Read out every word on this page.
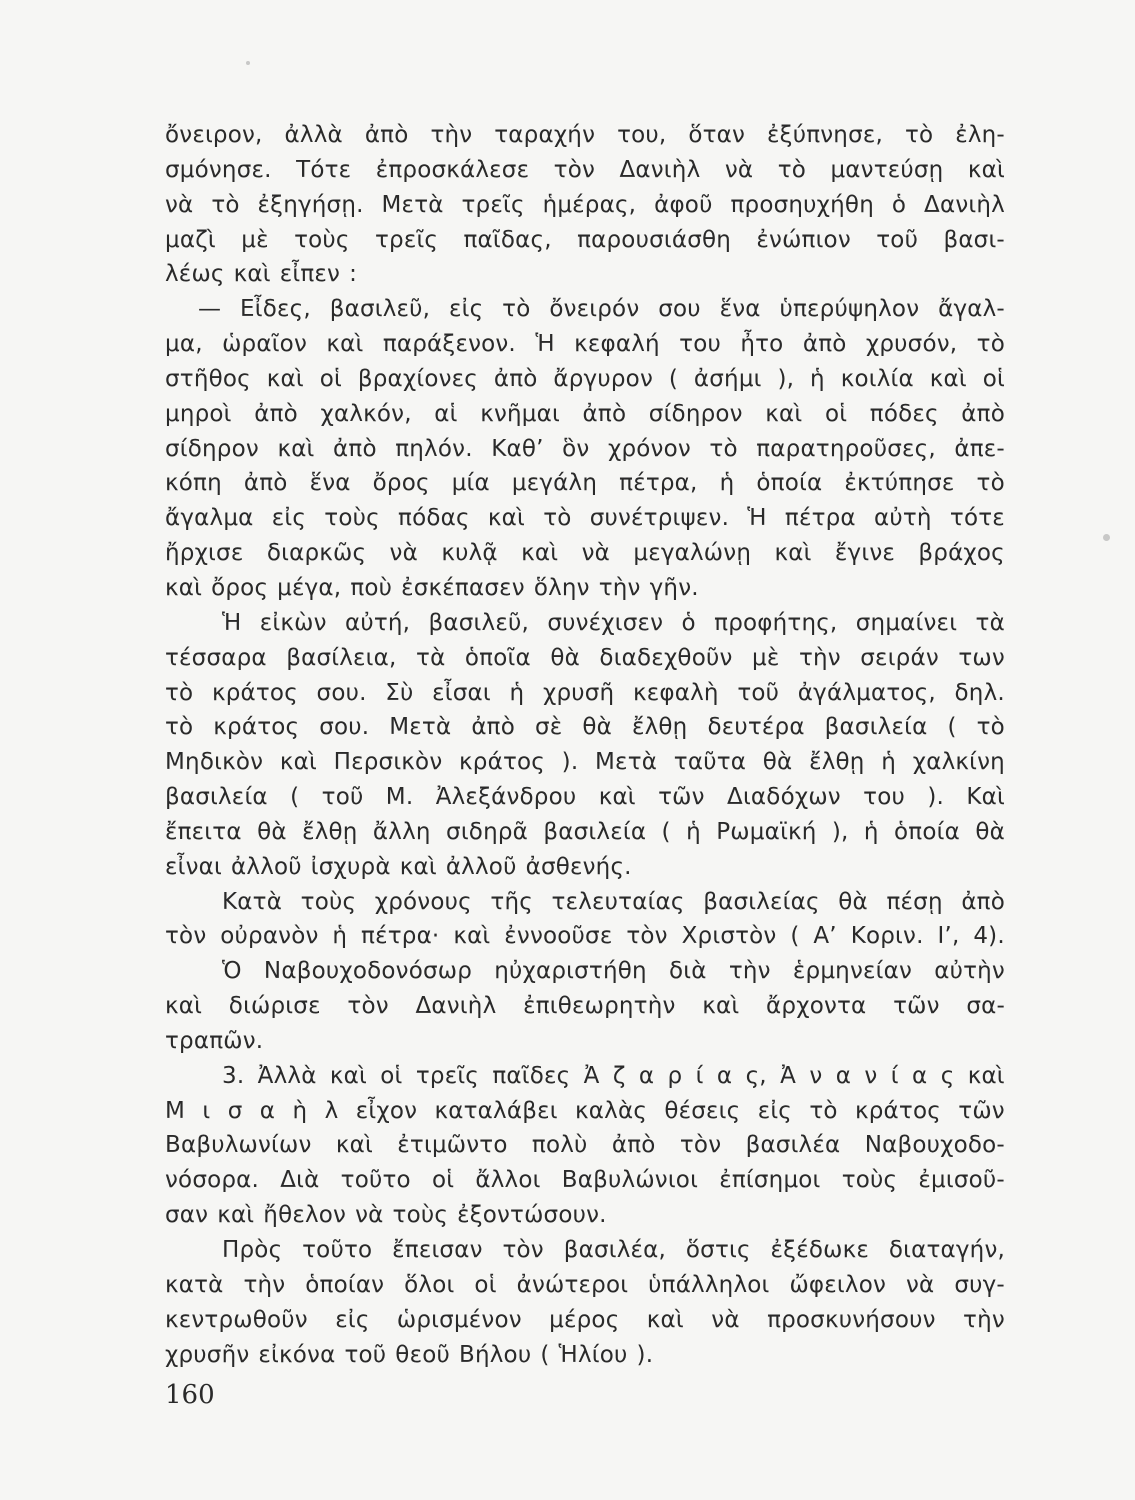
ὄνειρον, ἀλλὰ ἀπὸ τὴν ταραχήν του, ὅταν ἐξύπνησε, τὸ ἐλη-
σμόνησε. Τότε ἐπροσκάλεσε τὸν Δανιὴλ νὰ τὸ μαντεύσῃ καὶ
νὰ τὸ ἐξηγήσῃ. Μετὰ τρεῖς ἡμέρας, ἀφοῦ προσηυχήθη ὁ Δανιὴλ
μαζὶ μὲ τοὺς τρεῖς παῖδας, παρουσιάσθη ἐνώπιον τοῦ βασι-
λέως καὶ εἶπεν :
— Εἶδες, βασιλεῦ, εἰς τὸ ὄνειρόν σου ἕνα ὑπερύψηλον ἄγαλ-
μα, ὡραῖον καὶ παράξενον. Ἡ κεφαλή του ἦτο ἀπὸ χρυσόν, τὸ
στῆθος καὶ οἱ βραχίονες ἀπὸ ἄργυρον ( ἀσήμι ), ἡ κοιλία καὶ οἱ
μηροὶ ἀπὸ χαλκόν, αἱ κνῆμαι ἀπὸ σίδηρον καὶ οἱ πόδες ἀπὸ
σίδηρον καὶ ἀπὸ πηλόν. Καθ’ ὃν χρόνον τὸ παρατηροῦσες, ἀπε-
κόπη ἀπὸ ἕνα ὄρος μία μεγάλη πέτρα, ἡ ὁποία ἐκτύπησε τὸ
ἄγαλμα εἰς τοὺς πόδας καὶ τὸ συνέτριψεν. Ἡ πέτρα αὐτὴ τότε
ἤρχισε διαρκῶς νὰ κυλᾷ καὶ νὰ μεγαλώνῃ καὶ ἔγινε βράχος
καὶ ὄρος μέγα, ποὺ ἐσκέπασεν ὅλην τὴν γῆν.
Ἡ εἰκὼν αὐτή, βασιλεῦ, συνέχισεν ὁ προφήτης, σημαίνει τὰ
τέσσαρα βασίλεια, τὰ ὁποῖα θὰ διαδεχθοῦν μὲ τὴν σειράν των
τὸ κράτος σου. Σὺ εἶσαι ἡ χρυσῆ κεφαλὴ τοῦ ἀγάλματος, δηλ.
τὸ κράτος σου. Μετὰ ἀπὸ σὲ θὰ ἔλθῃ δευτέρα βασιλεία ( τὸ
Μηδικὸν καὶ Περσικὸν κράτος ). Μετὰ ταῦτα θὰ ἔλθῃ ἡ χαλκίνη
βασιλεία ( τοῦ Μ. Ἀλεξάνδρου καὶ τῶν Διαδόχων του ). Καὶ
ἔπειτα θὰ ἔλθῃ ἄλλη σιδηρᾶ βασιλεία ( ἡ Ρωμαϊκή ), ἡ ὁποία θὰ
εἶναι ἀλλοῦ ἰσχυρὰ καὶ ἀλλοῦ ἀσθενής.
Κατὰ τοὺς χρόνους τῆς τελευταίας βασιλείας θὰ πέσῃ ἀπὸ
τὸν οὐρανὸν ἡ πέτρα· καὶ ἐννοοῦσε τὸν Χριστὸν ( Α’ Κοριν. Ι’, 4).
Ὁ Ναβουχοδονόσωρ ηὐχαριστήθη διὰ τὴν ἑρμηνείαν αὐτὴν
καὶ διώρισε τὸν Δανιὴλ ἐπιθεωρητὴν καὶ ἄρχοντα τῶν σα-
τραπῶν.
3. Ἀλλὰ καὶ οἱ τρεῖς παῖδες Ἀ ζ α ρ ί α ς, Ἀ ν α ν ί α ς καὶ
Μ ι σ α ὴ λ εἶχον καταλάβει καλὰς θέσεις εἰς τὸ κράτος τῶν
Βαβυλωνίων καὶ ἐτιμῶντο πολὺ ἀπὸ τὸν βασιλέα Ναβουχοδο-
νόσορα. Διὰ τοῦτο οἱ ἄλλοι Βαβυλώνιοι ἐπίσημοι τοὺς ἐμισοῦ-
σαν καὶ ἤθελον νὰ τοὺς ἐξοντώσουν.
Πρὸς τοῦτο ἔπεισαν τὸν βασιλέα, ὅστις ἐξέδωκε διαταγήν,
κατὰ τὴν ὁποίαν ὅλοι οἱ ἀνώτεροι ὑπάλληλοι ὤφειλον νὰ συγ-
κεντρωθοῦν εἰς ὡρισμένον μέρος καὶ νὰ προσκυνήσουν τὴν
χρυσῆν εἰκόνα τοῦ θεοῦ Βήλου ( Ἡλίου ).
160
